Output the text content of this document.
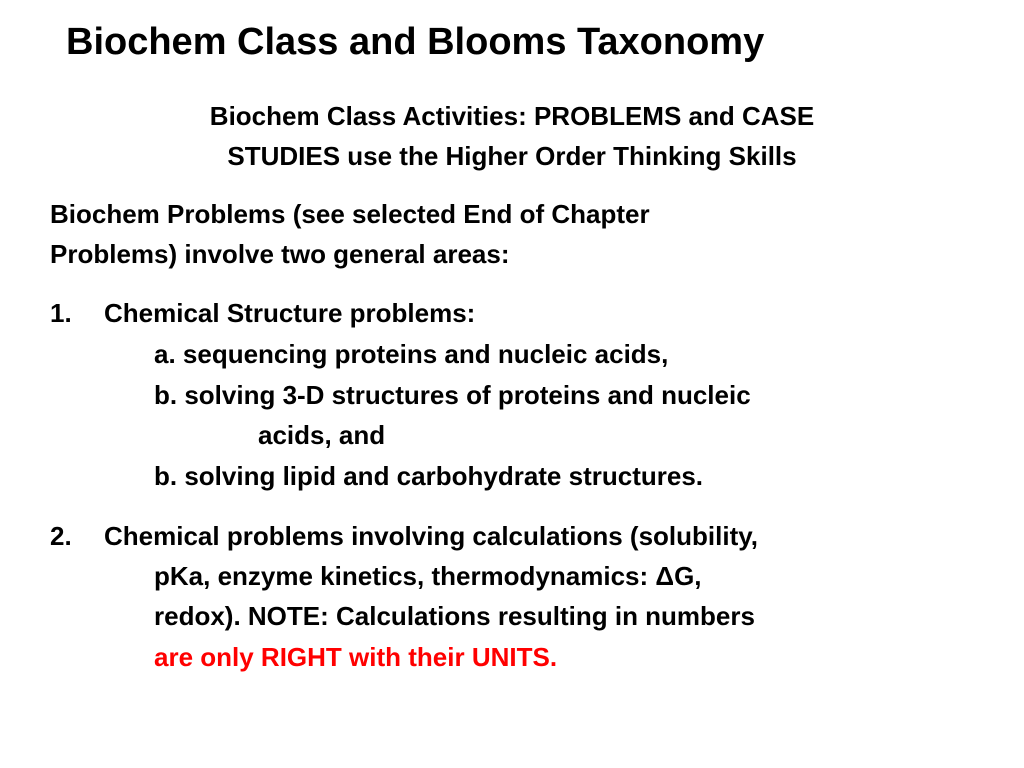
Biochem Class and Blooms Taxonomy
Biochem Class Activities: PROBLEMS and CASE
STUDIES use the Higher Order Thinking Skills
Biochem Problems (see selected End of Chapter
Problems) involve two general areas:
1. Chemical Structure problems:
a. sequencing proteins and nucleic acids,
b. solving 3-D structures of proteins and nucleic
acids, and
b. solving lipid and carbohydrate structures.
2. Chemical problems involving calculations (solubility,
pKa, enzyme kinetics, thermodynamics: ΔG,
redox). NOTE: Calculations resulting in numbers
are only RIGHT with their UNITS.
